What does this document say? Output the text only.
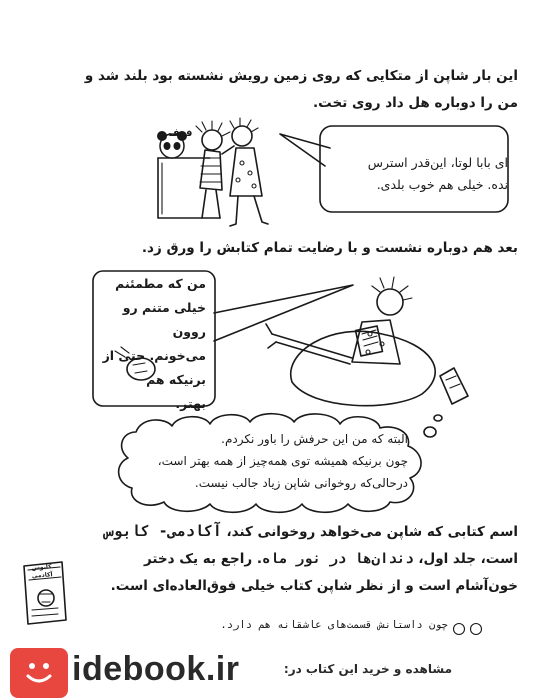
این بار شاپن از متکایی که روی زمین رویش نشسته بود بلند شد و
من را دوباره هل داد روی تخت.
فوف
ای بابا لوتا، این‌قدر استرس
نده. خیلی هم خوب بلدی.
بعد هم دوباره نشست و با رضایت تمام کتابش را ورق زد.
من که مطمئنم
خیلی متنم رو روون
می‌خونم. حتی از
برنیکه هم
بهتر.
البته که من این حرفش را باور نکردم.
چون برنیکه همیشه توی همه‌چیز از همه بهتر است،
درحالی‌که روخوانی شاپن زیاد جالب نیست.
اسم کتابی که شاپن می‌خواهد روخوانی کند، آکادمی- کابوس
است، جلد اول، دندان‌ها در نور ماه. راجع به یک دختر
خون‌آشام است و از نظر شاپن کتاب خیلی فوق‌العاده‌ای است.
کابوس
آکادمی
چون داستانش قسمت‌های عاشقانه هم دارد.
idebook.ir	مشاهده و خرید این کتاب در:
